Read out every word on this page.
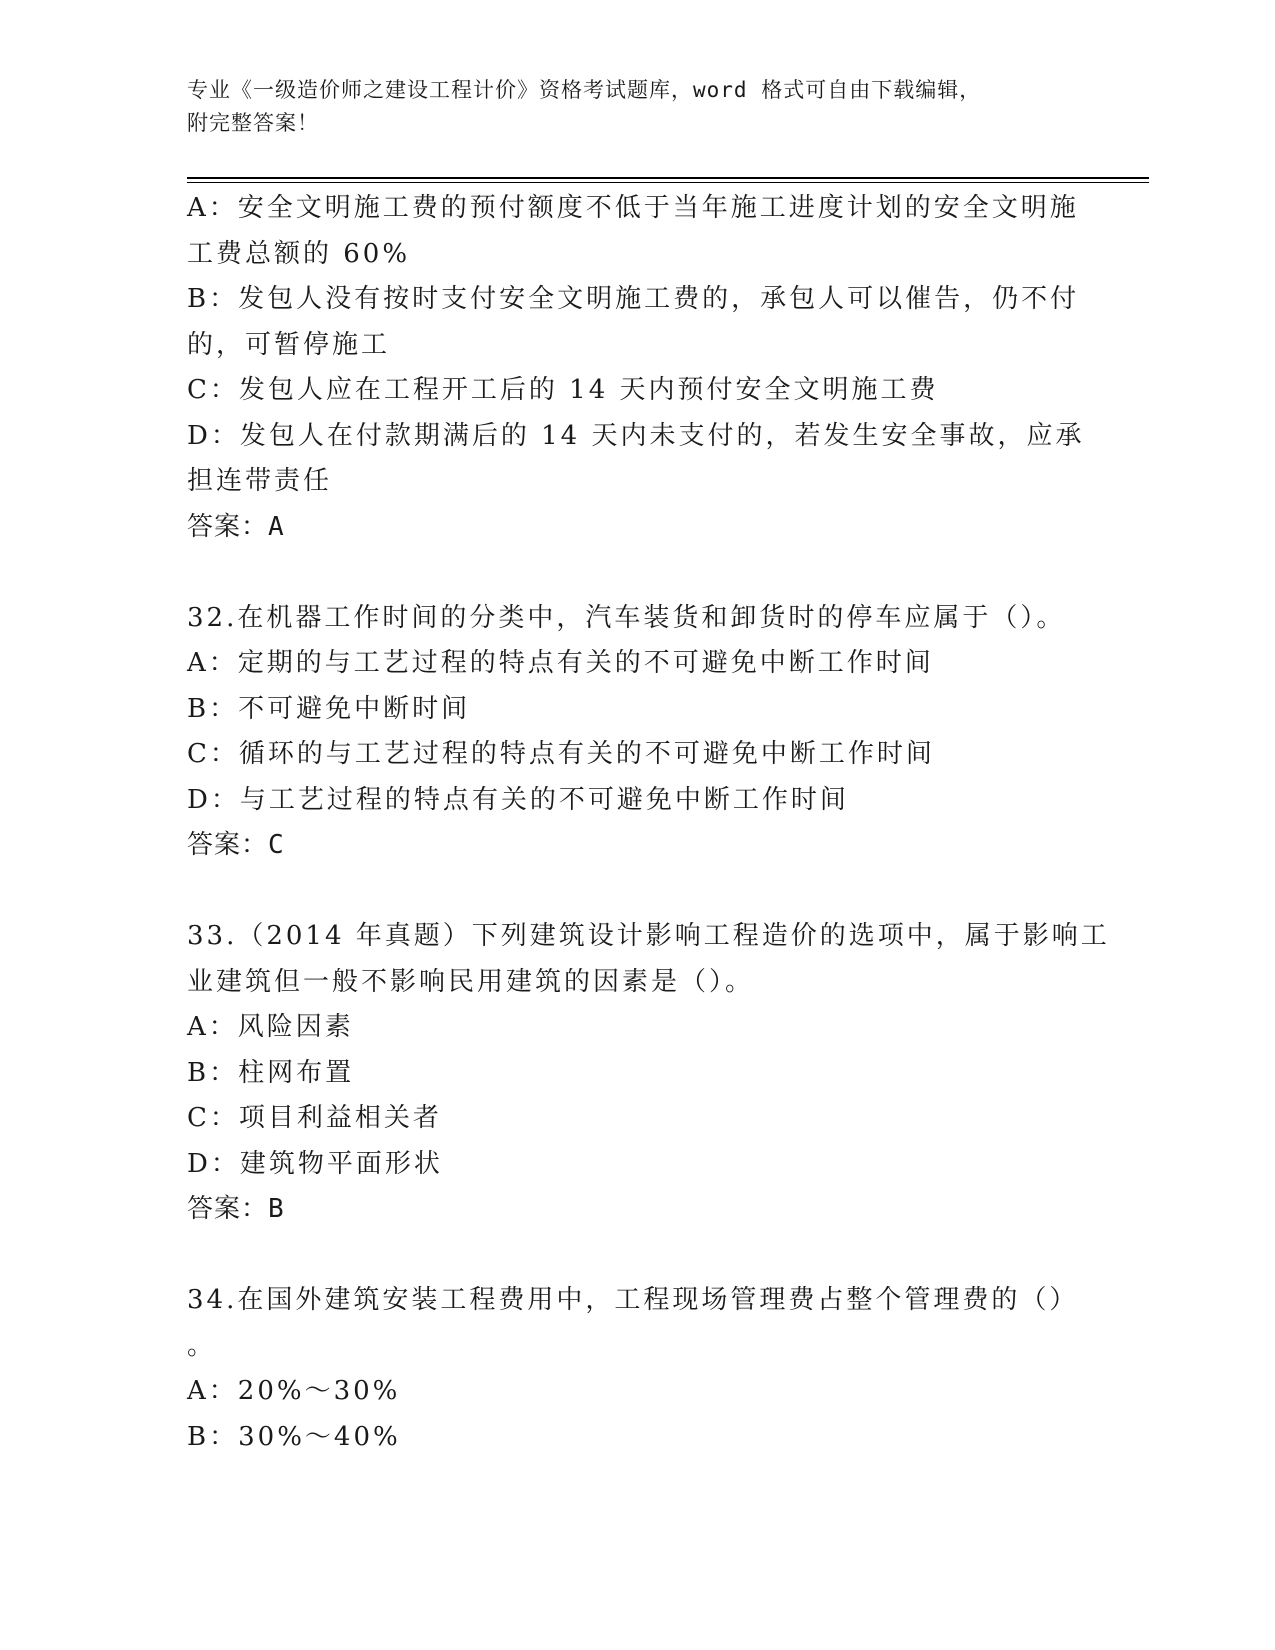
专业《一级造价师之建设工程计价》资格考试题库，word 格式可自由下载编辑，
附完整答案！
A：安全文明施工费的预付额度不低于当年施工进度计划的安全文明施
工费总额的 60%
B：发包人没有按时支付安全文明施工费的，承包人可以催告，仍不付
的，可暂停施工
C：发包人应在工程开工后的 14 天内预付安全文明施工费
D：发包人在付款期满后的 14 天内未支付的，若发生安全事故，应承
担连带责任
答案：A
32.在机器工作时间的分类中，汽车装货和卸货时的停车应属于（）。
A：定期的与工艺过程的特点有关的不可避免中断工作时间
B：不可避免中断时间
C：循环的与工艺过程的特点有关的不可避免中断工作时间
D：与工艺过程的特点有关的不可避免中断工作时间
答案：C
33.（2014 年真题）下列建筑设计影响工程造价的选项中，属于影响工
业建筑但一般不影响民用建筑的因素是（）。
A：风险因素
B：柱网布置
C：项目利益相关者
D：建筑物平面形状
答案：B
34.在国外建筑安装工程费用中，工程现场管理费占整个管理费的（）
。
A：20%～30%
B：30%～40%
